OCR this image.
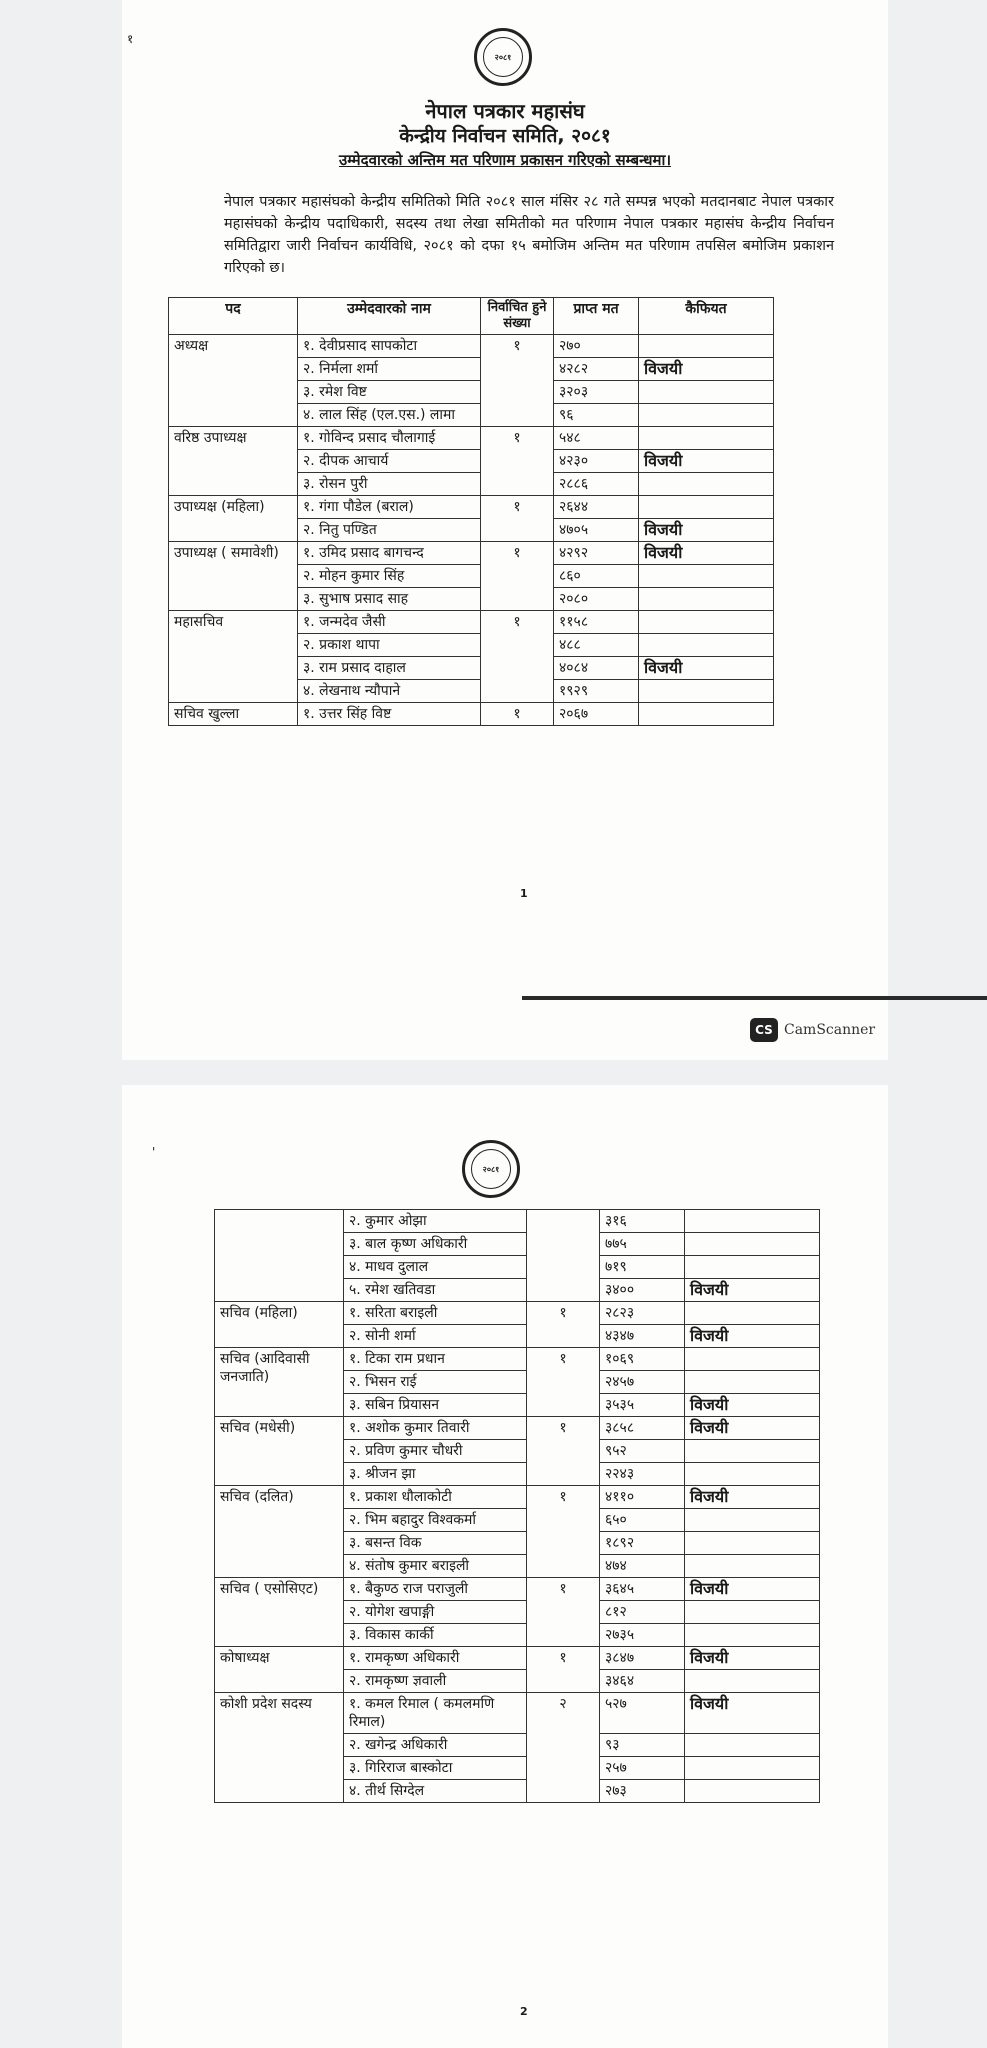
२०८१
१
नेपाल पत्रकार महासंघ
केन्द्रीय निर्वाचन समिति, २०८१
उम्मेदवारको अन्तिम मत परिणाम प्रकासन गरिएको सम्बन्धमा।
नेपाल पत्रकार महासंघको केन्द्रीय समितिको मिति २०८१ साल मंसिर २८ गते सम्पन्न भएको मतदानबाट नेपाल पत्रकार महासंघको केन्द्रीय पदाधिकारी, सदस्य तथा लेखा समितीको मत परिणाम नेपाल पत्रकार महासंघ केन्द्रीय निर्वाचन समितिद्वारा जारी निर्वाचन कार्यविधि, २०८१ को दफा १५ बमोजिम अन्तिम मत परिणाम तपसिल बमोजिम प्रकाशन गरिएको छ।
पद	उम्मेदवारको नाम	निर्वाचित हुने संख्या	प्राप्त मत	कैफियत
अध्यक्ष	१. देवीप्रसाद सापकोटा	१	२७०	
	२. निर्मला शर्मा		४२८२	विजयी
	३. रमेश विष्ट		३२०३	
	४. लाल सिंह (एल.एस.) लामा		९६	
वरिष्ठ उपाध्यक्ष	१. गोविन्द प्रसाद चौलागाई	१	५४८	
	२. दीपक आचार्य		४२३०	विजयी
	३. रोसन पुरी		२८८६	
उपाध्यक्ष (महिला)	१. गंगा पौडेल (बराल)	१	२६४४	
	२. नितु पण्डित		४७०५	विजयी
उपाध्यक्ष ( समावेशी)	१. उमिद प्रसाद बागचन्द	१	४२९२	विजयी
	२. मोहन कुमार सिंह		८६०	
	३. सुभाष प्रसाद साह		२०८०	
महासचिव	१. जन्मदेव जैसी	१	११५८	
	२. प्रकाश थापा		४८८	
	३. राम प्रसाद दाहाल		४०८४	विजयी
	४. लेखनाथ न्यौपाने		१९२९	
सचिव खुल्ला	१. उत्तर सिंह विष्ट	१	२०६७	
1
CS CamScanner
२०८१
'
	२. कुमार ओझा		३१६	
	३. बाल कृष्ण अधिकारी		७७५	
	४. माधव दुलाल		७१९	
	५. रमेश खतिवडा		३४००	विजयी
सचिव (महिला)	१. सरिता बराइली	१	२८२३	
	२. सोनी शर्मा		४३४७	विजयी
सचिव (आदिवासी जनजाति)	१. टिका राम प्रधान	१	१०६९	
	२. भिसन राई		२४५७	
	३. सबिन प्रियासन		३५३५	विजयी
सचिव (मधेसी)	१. अशोक कुमार तिवारी	१	३८५८	विजयी
	२. प्रविण कुमार चौधरी		९५२	
	३. श्रीजन झा		२२४३	
सचिव (दलित)	१. प्रकाश धौलाकोटी	१	४११०	विजयी
	२. भिम बहादुर विश्वकर्मा		६५०	
	३. बसन्त विक		१८९२	
	४. संतोष कुमार बराइली		४७४	
सचिव ( एसोसिएट)	१. बैकुण्ठ राज पराजुली	१	३६४५	विजयी
	२. योगेश खपाङ्गी		८१२	
	३. विकास कार्की		२७३५	
कोषाध्यक्ष	१. रामकृष्ण अधिकारी	१	३८४७	विजयी
	२. रामकृष्ण ज्ञवाली		३४६४	
कोशी प्रदेश सदस्य	१. कमल रिमाल ( कमलमणि रिमाल)	२	५२७	विजयी
	२. खगेन्द्र अधिकारी		९३	
	३. गिरिराज बास्कोटा		२५७	
	४. तीर्थ सिग्देल		२७३	
2
